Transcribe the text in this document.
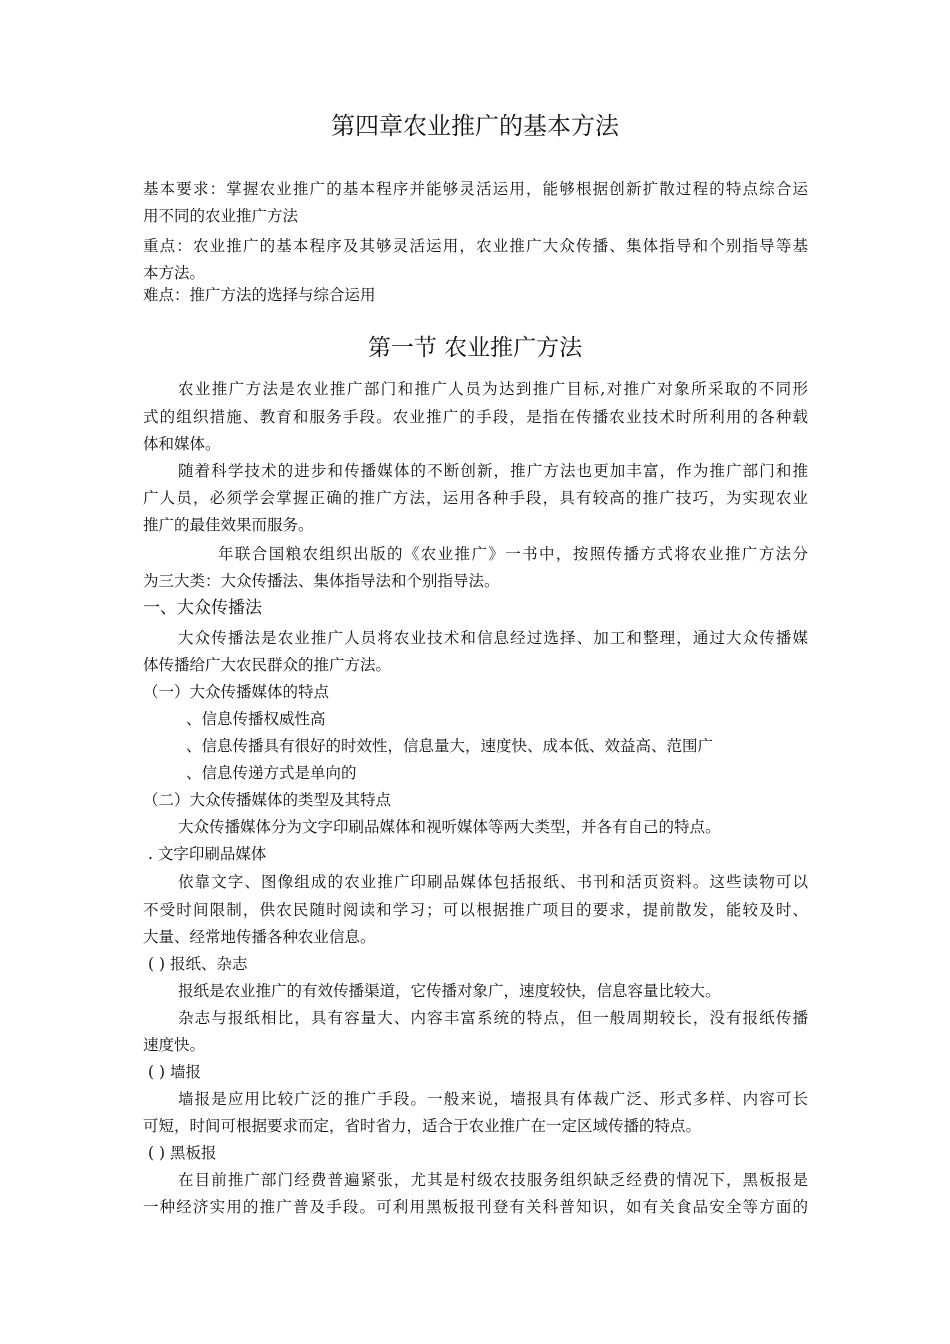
第四章农业推广的基本方法
基本要求：掌握农业推广的基本程序并能够灵活运用，能够根据创新扩散过程的特点综合运
用不同的农业推广方法
重点：农业推广的基本程序及其够灵活运用，农业推广大众传播、集体指导和个别指导等基
本方法。
难点：推广方法的选择与综合运用
第一节 农业推广方法
农业推广方法是农业推广部门和推广人员为达到推广目标,对推广对象所采取的不同形
式的组织措施、教育和服务手段。农业推广的手段，是指在传播农业技术时所利用的各种载
体和媒体。
随着科学技术的进步和传播媒体的不断创新，推广方法也更加丰富，作为推广部门和推
广人员，必须学会掌握正确的推广方法，运用各种手段，具有较高的推广技巧，为实现农业
推广的最佳效果而服务。
年联合国粮农组织出版的《农业推广》一书中，按照传播方式将农业推广方法分
为三大类：大众传播法、集体指导法和个别指导法。
一、大众传播法
大众传播法是农业推广人员将农业技术和信息经过选择、加工和整理，通过大众传播媒
体传播给广大农民群众的推广方法。
（一）大众传播媒体的特点
、信息传播权威性高
、信息传播具有很好的时效性，信息量大，速度快、成本低、效益高、范围广
、信息传递方式是单向的
（二）大众传播媒体的类型及其特点
大众传播媒体分为文字印刷品媒体和视听媒体等两大类型，并各有自己的特点。
. 文字印刷品媒体
依靠文字、图像组成的农业推广印刷品媒体包括报纸、书刊和活页资料。这些读物可以
不受时间限制，供农民随时阅读和学习；可以根据推广项目的要求，提前散发，能较及时、
大量、经常地传播各种农业信息。
( ) 报纸、杂志
报纸是农业推广的有效传播渠道，它传播对象广，速度较快，信息容量比较大。
杂志与报纸相比，具有容量大、内容丰富系统的特点，但一般周期较长，没有报纸传播
速度快。
( ) 墙报
墙报是应用比较广泛的推广手段。一般来说，墙报具有体裁广泛、形式多样、内容可长
可短，时间可根据要求而定，省时省力，适合于农业推广在一定区域传播的特点。
( ) 黑板报
在目前推广部门经费普遍紧张，尤其是村级农技服务组织缺乏经费的情况下，黑板报是
一种经济实用的推广普及手段。可利用黑板报刊登有关科普知识，如有关食品安全等方面的
